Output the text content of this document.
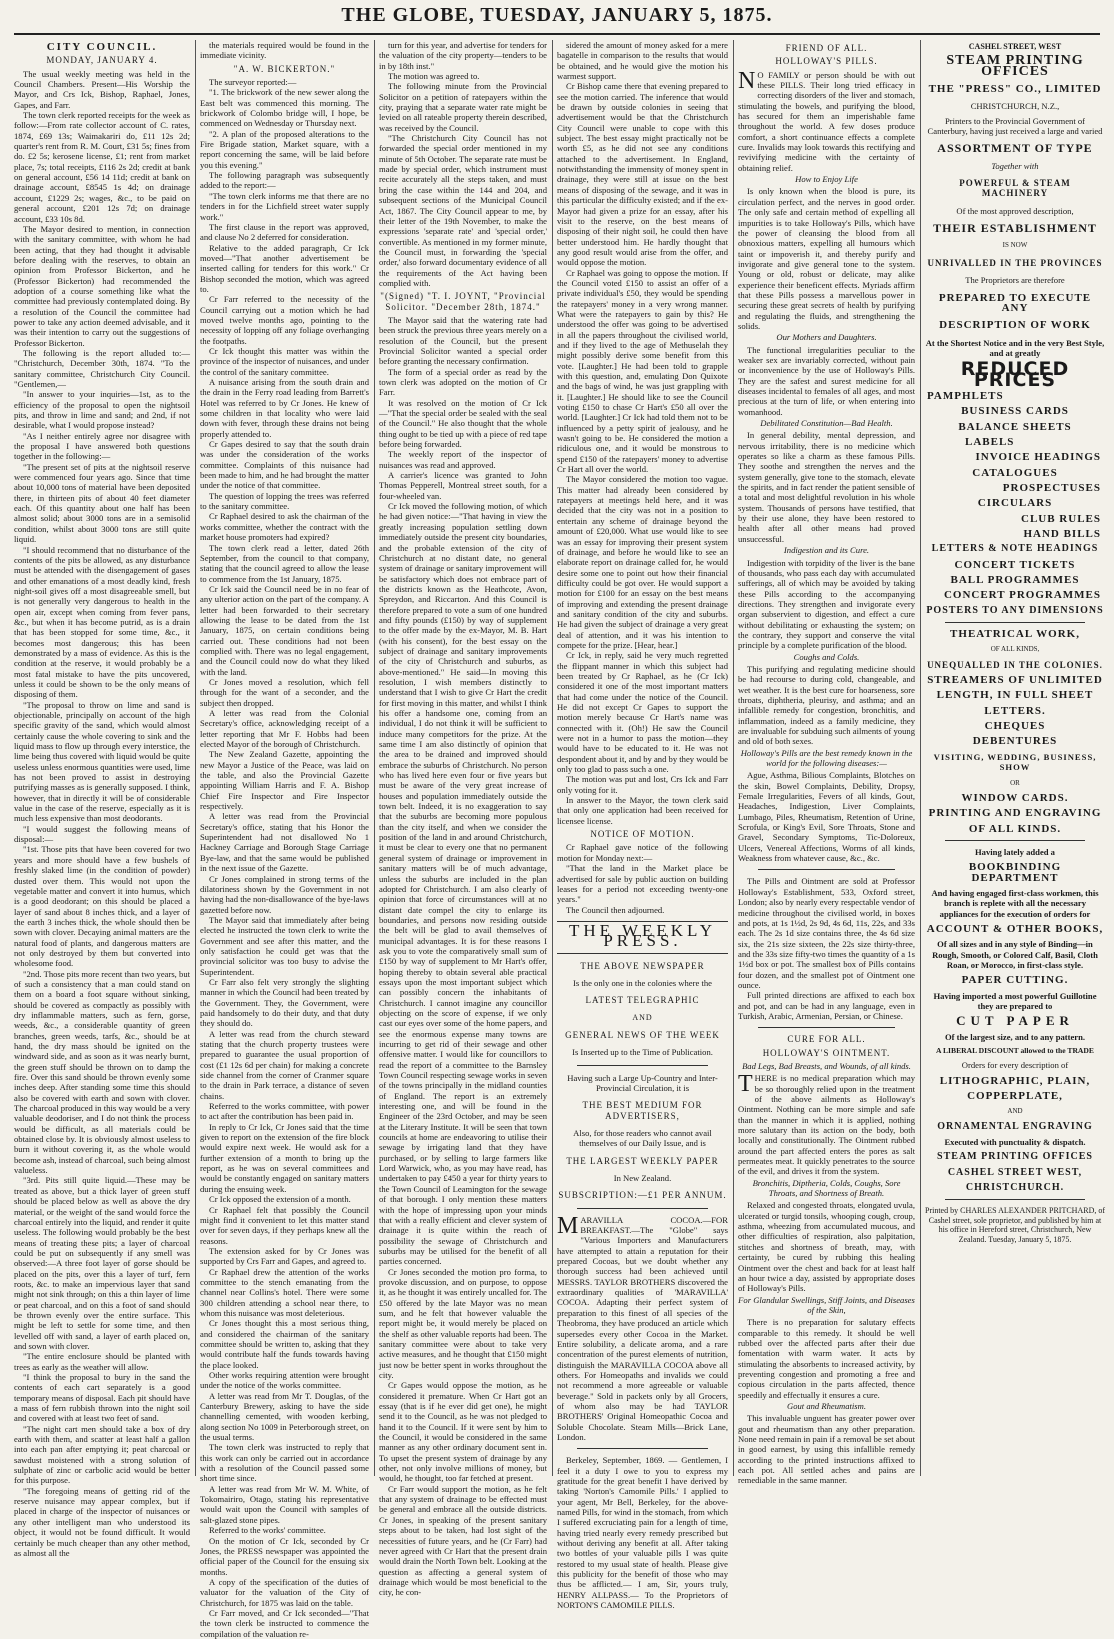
THE GLOBE, TUESDAY, JANUARY 5, 1875.
CITY COUNCIL.
MONDAY, JANUARY 4.

The usual weekly meeting was held in the Council Chambers. Present—His Worship the Mayor, and Crs Ick, Bishop, Raphael, Jones, Gapes, and Farr.

The town clerk reported receipts for the week as follow:—From rate collector account of C. rates, 1874, £69 13s; Waimakariri do, £11 12s 2d; quarter's rent from R. M. Court, £31 5s; fines from do. £2 5s; kerosene license, £1; rent from market place, 7s; total receipts, £116 2s 2d; credit at bank on general account, £56 14 11d; credit at bank on drainage account, £8545 1s 4d; on drainage account, £1229 2s; wages, &c., to be paid on general account, £201 12s 7d; on drainage account, £33 10s 8d.

The Mayor desired to mention, in connection with the sanitary committee, with whom he had been acting, that they had thought it advisable before dealing with the reserves, to obtain an opinion from Professor Bickerton, and he (Professor Bickerton) had recommended the adoption of a course something like what the committee had previously contemplated doing. By a resolution of the Council the committee had power to take any action deemed advisable, and it was their intention to carry out the suggestions of Professor Bickerton.

The following is the report alluded to:— "Christchurch, December 30th, 1874. "To the sanitary committee, Christchurch City Council. "Gentlemen,—

"In answer to your inquiries—1st, as to the efficiency of the proposal to open the nightsoil pits, and throw in lime and sand; and 2nd, if not desirable, what I would propose instead?

"As I neither entirely agree nor disagree with the proposal I have answered both questions together in the following:—

"The present set of pits at the nightsoil reserve were commenced four years ago. Since that time about 10,000 tons of material have been deposited there, in thirteen pits of about 40 feet diameter each. Of this quantity about one half has been almost solid; about 3000 tons are in a semisolid condition, whilst about 3000 tons are still quite liquid.

"I should recommend that no disturbance of the contents of the pits be allowed, as any disturbance must be attended with the disengagement of gases and other emanations of a most deadly kind, fresh night-soil gives off a most disagreeable smell, but is not generally very dangerous to health in the open air, except when coming from fever pans, &c., but when it has become putrid, as is a drain that has been stopped for some time, &c., it becomes most dangerous; this has been demonstrated by a mass of evidence. As this is the condition at the reserve, it would probably be a most fatal mistake to have the pits uncovered, unless it could be shown to be the only means of disposing of them.

"The proposal to throw on lime and sand is objectionable, principally on account of the high specific gravity of the sand, which would almost certainly cause the whole covering to sink and the liquid mass to flow up through every interstice, the lime being thus covered with liquid would be quite useless unless enormous quantities were used, lime has not been proved to assist in destroying putrifying masses as is generally supposed. I think, however, that in directly it will be of considerable value in the case of the reserve, especially as it is much less expensive than most deodorants.

"I would suggest the following means of disposal:—

"1st. Those pits that have been covered for two years and more should have a few bushels of freshly slaked lime (in the condition of powder) dusted over them. This would not upon the vegetable matter and convert it into humus, which is a good deodorant; on this should be placed a layer of sand about 8 inches thick, and a layer of the earth 3 inches thick, the whole should then be sown with clover. Decaying animal matters are the natural food of plants, and dangerous matters are not only destroyed by them but converted into wholesome food.

"2nd. Those pits more recent than two years, but of such a consistency that a man could stand on them on a board a foot square without sinking, should be covered as compactly as possibly with dry inflammable matters, such as fern, gorse, weeds, &c., a considerable quantity of green branches, green weeds, tarfs, &c., should be at hand, the dry mass should be ignited on the windward side, and as soon as it was nearly burnt, the green stuff should be thrown on to damp the fire. Over this sand should be thrown evenly some inches deep. After standing some time this should also be covered with earth and sown with clover. The charcoal produced in this way would be a very valuable deodoriser, and I do not think the process would be difficult, as all materials could be obtained close by. It is obviously almost useless to burn it without covering it, as the whole would become ash, instead of charcoal, such being almost valueless.

"3rd. Pits still quite liquid.—These may be treated as above, but a thick layer of green stuff should be placed below as well as above the dry material, or the weight of the sand would force the charcoal entirely into the liquid, and render it quite useless. The following would probably be the best means of treating these pits; a layer of charcoal could be put on subsequently if any smell was observed:—A three foot layer of gorse should be placed on the pits, over this a layer of turf, fern roots, &c. to make an impervious layer that sand might not sink through; on this a thin layer of lime or peat charcoal, and on this a foot of sand should be thrown evenly over the entire surface. This might be left to settle for some time, and then levelled off with sand, a layer of earth placed on, and sown with clover.

"The entire enclosure should be planted with trees as early as the weather will allow.

"I think the proposal to bury in the sand the contents of each cart separately is a good temporary means of disposal. Each pit should have a mass of fern rubbish thrown into the night soil and covered with at least two feet of sand.

"The night cart men should take a box of dry earth with them, and scatter at least half a gallon into each pan after emptying it; peat charcoal or sawdust moistened with a strong solution of sulphate of zinc or carbolic acid would be better for this purpose.

"The foregoing means of getting rid of the reserve nuisance may appear complex, but if placed in charge of the inspector of nuisances or any other intelligent man who understood its object, it would not be found difficult. It would certainly be much cheaper than any other method, as almost all the

the materials required would be found in the immediate vicinity.

"A. W. BICKERTON."

The surveyor reported:—

"1. The brickwork of the new sewer along the East belt was commenced this morning. The brickwork of Colombo bridge will, I hope, be commenced on Wednesday or Thursday next.

"2. A plan of the proposed alterations to the Fire Brigade station, Market square, with a report concerning the same, will be laid before you this evening."

The following paragraph was subsequently added to the report:—

"The town clerk informs me that there are no tenders in for the Lichfield street water supply work."

The first clause in the report was approved, and clause No 2 deferred for consideration.

Relative to the added paragraph, Cr Ick moved—"That another advertisement be inserted calling for tenders for this work." Cr Bishop seconded the motion, which was agreed to.

Cr Farr referred to the necessity of the Council carrying out a motion which he had moved twelve months ago, pointing to the necessity of lopping off any foliage overhanging the footpaths.

Cr Ick thought this matter was within the province of the inspector of nuisances, and under the control of the sanitary committee.

A nuisance arising from the south drain and the drain in the Ferry road leading from Barrett's Hotel was referred to by Cr Jones. He knew of some children in that locality who were laid down with fever, through these drains not being properly attended to.

Cr Gapes desired to say that the south drain was under the consideration of the works committee. Complaints of this nuisance had been made to him, and he had brought the matter under the notice of that committee.

The question of lopping the trees was referred to the sanitary committee.

Cr Raphael desired to ask the chairman of the works committee, whether the contract with the market house promoters had expired?

The town clerk read a letter, dated 26th September, from the council to that company, stating that the council agreed to allow the lease to commence from the 1st January, 1875.

Cr Ick said the Council need be in no fear of any ulterior action on the part of the company. A letter had been forwarded to their secretary allowing the lease to be dated from the 1st January, 1875, on certain conditions being carried out. These conditions had not been complied with. There was no legal engagement, and the Council could now do what they liked with the land.

Cr Jones moved a resolution, which fell through for the want of a seconder, and the subject then dropped.

A letter was read from the Colonial Secretary's office, acknowledging receipt of a letter reporting that Mr F. Hobbs had been elected Mayor of the borough of Christchurch.

The New Zealand Gazette, appointing the new Mayor a Justice of the Peace, was laid on the table, and also the Provincial Gazette appointing William Harris and F. A. Bishop Chief Fire Inspector and Fire Inspector respectively.

A letter was read from the Provincial Secretary's office, stating that his Honor the Superintendent had not disallowed No 1 Hackney Carriage and Borough Stage Carriage Bye-law, and that the same would be published in the next issue of the Gazette.

Cr Jones complained in strong terms of the dilatoriness shown by the Government in not having had the non-disallowance of the bye-laws gazetted before now.

The Mayor said that immediately after being elected he instructed the town clerk to write the Government and see after this matter, and the only satisfaction he could get was that the provincial solicitor was too busy to advise the Superintendent.

Cr Farr also felt very strongly the slighting manner in which the Council had been treated by the Government. They, the Government, were paid handsomely to do their duty, and that duty they should do.

A letter was read from the church steward stating that the church property trustees were prepared to guarantee the usual proportion of cost (£1 12s 6d per chain) for making a concrete side channel from the corner of Cranmer square to the drain in Park terrace, a distance of seven chains.

Referred to the works committee, with power to act after the contribution has been paid in.

In reply to Cr Ick, Cr Jones said that the time given to report on the extension of the fire block would expire next week. He would ask for a further extension of a month to bring up the report, as he was on several committees and would be constantly engaged on sanitary matters during the ensuing week.

Cr Ick opposed the extension of a month.

Cr Raphael felt that possibly the Council might find it convenient to let this matter stand over for seven days, if they perhaps knew all the reasons.

The extension asked for by Cr Jones was supported by Crs Farr and Gapes, and agreed to.

Cr Raphael drew the attention of the works committee to the stench emanating from the channel near Collins's hotel. There were some 300 children attending a school near there, to whom this nuisance was most deleterious.

Cr Jones thought this a most serious thing, and considered the chairman of the sanitary committee should be written to, asking that they would contribute half the funds towards having the place looked.

Other works requiring attention were brought under the notice of the works committee.

A letter was read from Mr T. Douglas, of the Canterbury Brewery, asking to have the side channelling cemented, with wooden kerbing, along section No 1009 in Peterborough street, on the usual terms.

The town clerk was instructed to reply that this work can only be carried out in accordance with a resolution of the Council passed some short time since.

A letter was read from Mr W. M. White, of Tokomairiro, Otago, stating his representative would wait upon the Council with samples of salt-glazed stone pipes.

Referred to the works' committee.

On the motion of Cr Ick, seconded by Cr Jones, the PRESS newspaper was appointed the official paper of the Council for the ensuing six months.

A copy of the specification of the duties of valuator for the valuation of the City of Christchurch, for 1875 was laid on the table.

Cr Farr moved, and Cr Ick seconded—"That the town clerk be instructed to commence the compilation of the valuation re-

turn for this year, and advertise for tenders for the valuation of the city property—tenders to be in by 18th inst."

The motion was agreed to.

The following minute from the Provincial Solicitor on a petition of ratepayers within the city, praying that a separate water rate might be levied on all rateable property therein described, was received by the Council.

"The Christchurch City Council has not forwarded the special order mentioned in my minute of 5th October. The separate rate must be made by special order, which instrument must recite accurately all the steps taken, and must bring the case within the 144 and 204, and subsequent sections of the Municipal Council Act, 1867. The City Council appear to me, by their letter of the 19th November, to make the expressions 'separate rate' and 'special order,' convertible. As mentioned in my former minute, the Council must, in forwarding the 'special order,' also forward documentary evidence of all the requirements of the Act having been complied with.

"(Signed) "T. I. JOYNT, "Provincial Solicitor. "December 28th, 1874."

The Mayor said that the watering rate had been struck the previous three years merely on a resolution of the Council, but the present Provincial Solicitor wanted a special order before granting the necessary confirmation.

The form of a special order as read by the town clerk was adopted on the motion of Cr Farr.

It was resolved on the motion of Cr Ick—"That the special order be sealed with the seal of the Council." He also thought that the whole thing ought to be tied up with a piece of red tape before being forwarded.

The weekly report of the inspector of nuisances was read and approved.

A carrier's licence was granted to John Thomas Pepperell, Montreal street south, for a four-wheeled van.

Cr Ick moved the following motion, of which he had given notice:—"That having in view the greatly increasing population settling down immediately outside the present city boundaries, and the probable extension of the city of Christchurch at no distant date, no general system of drainage or sanitary improvement will be satisfactory which does not embrace part of the districts known as the Heathcote, Avon, Spreydon, and Riccarton. And this Council is therefore prepared to vote a sum of one hundred and fifty pounds (£150) by way of supplement to the offer made by the ex-Mayor, M. B. Hart (with his consent), for the best essay on the subject of drainage and sanitary improvements of the city of Christchurch and suburbs, as above-mentioned." He said—In moving this resolution, I wish members distinctly to understand that I wish to give Cr Hart the credit for first moving in this matter, and whilst I think his offer a handsome one, coming from an individual, I do not think it will be sufficient to induce many competitors for the prize. At the same time I am also distinctly of opinion that the area to be drained and improved should embrace the suburbs of Christchurch. No person who has lived here even four or five years but must be aware of the very great increase of houses and population immediately outside the town belt. Indeed, it is no exaggeration to say that the suburbs are becoming more populous than the city itself, and when we consider the position of the land in and around Christchurch, it must be clear to every one that no permanent general system of drainage or improvement in sanitary matters will be of much advantage, unless the suburbs are included in the plan adopted for Christchurch. I am also clearly of opinion that force of circumstances will at no distant date compel the city to enlarge its boundaries, and persons now residing outside the belt will be glad to avail themselves of municipal advantages. It is for these reasons I ask you to vote the comparatively small sum of £150 by way of supplement to Mr Hart's offer, hoping thereby to obtain several able practical essays upon the most important subject which can possibly concern the inhabitants of Christchurch. I cannot imagine any councillor objecting on the score of expense, if we only cast our eyes over some of the home papers, and see the enormous expense many towns are incurring to get rid of their sewage and other offensive matter. I would like for councillors to read the report of a committee to the Barnsley Town Council respecting sewage works in seven of the towns principally in the midland counties of England. The report is an extremely interesting one, and will be found in the Engineer of the 23rd October, and may be seen at the Literary Institute. It will be seen that town councils at home are endeavoring to utilise their sewage by irrigating land that they have purchased, or by selling to large farmers like Lord Warwick, who, as you may have read, has undertaken to pay £450 a year for thirty years to the Town Council of Leamington for the sewage of that borough. I only mention these matters with the hope of impressing upon your minds that with a really efficient and clever system of drainage it is quite within the reach of possibility the sewage of Christchurch and suburbs may be utilised for the benefit of all parties concerned.

Cr Jones seconded the motion pro forma, to provoke discussion, and on purpose, to oppose it, as he thought it was entirely uncalled for. The £50 offered by the late Mayor was no mean sum, and he felt that however valuable the report might be, it would merely be placed on the shelf as other valuable reports had been. The sanitary committee were about to take very active measures, and he thought that £150 might just now be better spent in works throughout the city.

Cr Gapes would oppose the motion, as he considered it premature. When Cr Hart got an essay (that is if he ever did get one), he might send it to the Council, as he was not pledged to hand it to the Council. If it were sent by him to the Council, it would be considered in the same manner as any other ordinary document sent in. To upset the present system of drainage by any other, not only involve millions of money, but would, he thought, too far fetched at present.

Cr Farr would support the motion, as he felt that any system of drainage to be effected must be general and embrace all the outside districts. Cr Jones, in speaking of the present sanitary steps about to be taken, had lost sight of the necessities of future years, and he (Cr Farr) had never agreed with Cr Hart that the present drain would drain the North Town belt. Looking at the question as affecting a general system of drainage which would be most beneficial to the city, he con-

sidered the amount of money asked for a mere bagatelle in comparison to the results that would be obtained, and he would give the motion his warmest support.

Cr Bishop came there that evening prepared to see the motion carried. The inference that would be drawn by outside colonies in seeing that advertisement would be that the Christchurch City Council were unable to cope with this subject. The best essay might practically not be worth £5, as he did not see any conditions attached to the advertisement. In England, notwithstanding the immensity of money spent in drainage, they were still at issue on the best means of disposing of the sewage, and it was in this particular the difficulty existed; and if the ex-Mayor had given a prize for an essay, after his visit to the reserve, on the best means of disposing of their night soil, he could then have better understood him. He hardly thought that any good result would arise from the offer, and would oppose the motion.

Cr Raphael was going to oppose the motion. If the Council voted £150 to assist an offer of a private individual's £50, they would be spending the ratepayers' money in a very wrong manner. What were the ratepayers to gain by this? He understood the offer was going to be advertised in all the papers throughout the civilised world, and if they lived to the age of Methuselah they might possibly derive some benefit from this vote. [Laughter.] He had been told to grapple with this question, and, emulating Don Quixote and the bags of wind, he was just grappling with it. [Laughter.] He should like to see the Council voting £150 to chase Cr Hart's £50 all over the world. [Laughter.] Cr Ick had told them not to be influenced by a petty spirit of jealousy, and he wasn't going to be. He considered the motion a ridiculous one, and it would be monstrous to spend £150 of the ratepayers' money to advertise Cr Hart all over the world.

The Mayor considered the motion too vague. This matter had already been considered by ratepayers at meetings held here, and it was decided that the city was not in a position to entertain any scheme of drainage beyond the amount of £20,000. What use would like to see was an essay for improving their present system of drainage, and before he would like to see an elaborate report on drainage called for, he would desire some one to point out how their financial difficulty could be got over. He would support a motion for £100 for an essay on the best means of improving and extending the present drainage and sanitary condition of the city and suburbs. He had given the subject of drainage a very great deal of attention, and it was his intention to compete for the prize. [Hear, hear.]

Cr Ick, in reply, said he very much regretted the flippant manner in which this subject had been treated by Cr Raphael, as he (Cr Ick) considered it one of the most important matters that had come under the notice of the Council. He did not except Cr Gapes to support the motion merely because Cr Hart's name was connected with it. (Oh!) He saw the Council were not in a humor to pass the motion—they would have to be educated to it. He was not despondent about it, and by and by they would be only too glad to pass such a one.

The motion was put and lost, Crs Ick and Farr only voting for it.

In answer to the Mayor, the town clerk said that only one application had been received for licensee license.

NOTICE OF MOTION.

Cr Raphael gave notice of the following motion for Monday next:—

"That the land in the Market place be advertised for sale by public auction on building leases for a period not exceeding twenty-one years."

The Council then adjourned.

THE WEEKLY PRESS.
THE ABOVE NEWSPAPER
Is the only one in the colonies where the
LATEST TELEGRAPHIC
AND
GENERAL NEWS OF THE WEEK
Is Inserted up to the Time of Publication.
Having such a Large Up-Country and Inter-Provincial Circulation, it is
THE BEST MEDIUM FOR ADVERTISERS,
Also, for those readers who cannot avail themselves of our Daily Issue, and is
THE LARGEST WEEKLY PAPER
In New Zealand.
SUBSCRIPTION:—£1 PER ANNUM.

MARAVILLA COCOA.—FOR BREAKFAST.—The "Globe" says "Various Importers and Manufacturers have attempted to attain a reputation for their prepared Cocoas, but we doubt whether any thorough success had been achieved until MESSRS. TAYLOR BROTHERS discovered the extraordinary qualities of 'MARAVILLA' COCOA. Adapting their perfect system of preparation to this finest of all species of the Theobroma, they have produced an article which supersedes every other Cocoa in the Market. Entire solubility, a delicate aroma, and a rare concentration of the purest elements of nutrition, distinguish the MARAVILLA COCOA above all others. For Homeopaths and invalids we could not recommend a more agreeable or valuable beverage." Sold in packets only by all Grocers, of whom also may be had TAYLOR BROTHERS' Original Homeopathic Cocoa and Soluble Chocolate. Steam Mills—Brick Lane, London.

Berkeley, September, 1869. — Gentlemen, I feel it a duty I owe to you to express my gratitude for the great benefit I have derived by taking 'Norton's Camomile Pills.' I applied to your agent, Mr Bell, Berkeley, for the above-named Pills, for wind in the stomach, from which I suffered excruciating pain for a length of time, having tried nearly every remedy prescribed but without deriving any benefit at all. After taking two bottles of your valuable pills I was quite restored to my usual state of health. Please give this publicity for the benefit of those who may thus be afflicted.— I am, Sir, yours truly, HENRY ALLPASS.— To the Proprietors of NORTON'S CAMOMILE PILLS.

FRIEND OF ALL.
HOLLOWAY'S PILLS.

NO FAMILY or person should be with out these PILLS. Their long tried efficacy in correcting disorders of the liver and stomach, stimulating the bowels, and purifying the blood, has secured for them an imperishable fame throughout the world. A few doses produce comfort, a short continuance effects a complete cure. Invalids may look towards this rectifying and revivifying medicine with the certainty of obtaining relief.

How to Enjoy Life

Is only known when the blood is pure, its circulation perfect, and the nerves in good order. The only safe and certain method of expelling all impurities is to take Holloway's Pills, which have the power of cleansing the blood from all obnoxious matters, expelling all humours which taint or impoverish it, and thereby purify and invigorate and give general tone to the system. Young or old, robust or delicate, may alike experience their beneficent effects. Myriads affirm that these Pills possess a marvellous power in securing these great secrets of health by purifying and regulating the fluids, and strengthening the solids.

Our Mothers and Daughters.

The functional irregularities peculiar to the weaker sex are invariably corrected, without pain or inconvenience by the use of Holloway's Pills. They are the safest and surest medicine for all diseases incidental to females of all ages, and most precious at the turn of life, or when entering into womanhood.

Debilitated Constitution—Bad Health.

In general debility, mental depression, and nervous irritability, there is no medicine which operates so like a charm as these famous Pills. They soothe and strengthen the nerves and the system generally, give tone to the stomach, elevate the spirits, and in fact render the patient sensible of a total and most delightful revolution in his whole system. Thousands of persons have testified, that by their use alone, they have been restored to health after all other means had proved unsuccessful.

Indigestion and its Cure.

Indigestion with torpidity of the liver is the bane of thousands, who pass each day with accumulated sufferings, all of which may be avoided by taking these Pills according to the accompanying directions. They strengthen and invigorate every organ subservient to digestion, and effect a cure without debilitating or exhausting the system; on the contrary, they support and conserve the vital principle by a complete purification of the blood.

Coughs and Colds.

This purifying and regulating medicine should be had recourse to during cold, changeable, and wet weather. It is the best cure for hoarseness, sore throats, diphtheria, pleurisy, and asthma; and an infallible remedy for congestion, bronchitis, and inflammation, indeed as a family medicine, they are invaluable for subduing such ailments of young and old of both sexes.

Holloway's Pills are the best remedy known in the world for the following diseases:—

Ague, Asthma, Bilious Complaints, Blotches on the skin, Bowel Complaints, Debility, Dropsy, Female Irregularities, Fevers of all kinds, Gout, Headaches, Indigestion, Liver Complaints, Lumbago, Piles, Rheumatism, Retention of Urine, Scrofula, or King's Evil, Sore Throats, Stone and Gravel, Secondary Symptoms, Tic-Doloreux, Ulcers, Venereal Affections, Worms of all kinds, Weakness from whatever cause, &c., &c.

The Pills and Ointment are sold at Professor Holloway's Establishment, 533, Oxford street, London; also by nearly every respectable vendor of medicine throughout the civilised world, in boxes and pots, at 1s 1½d, 2s 9d, 4s 6d, 11s, 22s, and 33s each. The 2s 1d size contains three, the 4s 6d size six, the 21s size sixteen, the 22s size thirty-three, and the 33s size fifty-two times the quantity of a 1s 1½d box or pot. The smallest box of Pills contains four dozen, and the smallest pot of Ointment one ounce.

Full printed directions are affixed to each box and pot, and can be had in any language, even in Turkish, Arabic, Armenian, Persian, or Chinese.

CURE FOR ALL.
HOLLOWAY'S OINTMENT.
Bad Legs, Bad Breasts, and Wounds, of all kinds.

THERE is no medical preparation which may be so thoroughly relied upon in the treatment of the above ailments as Holloway's Ointment. Nothing can be more simple and safe than the manner in which it is applied, nothing more salutary than its action on the body, both locally and constitutionally. The Ointment rubbed around the part affected enters the pores as salt permeates meat. It quickly penetrates to the source of the evil, and drives it from the system.

Bronchitis, Diptheria, Colds, Coughs, Sore Throats, and Shortness of Breath.

Relaxed and congested throats, elongated uvula, ulcerated or turgid tonsils, whooping cough, croup, asthma, wheezing from accumulated mucous, and other difficulties of respiration, also palpitation, stitches and shortness of breath, may, with certainty, be cured by rubbing this healing Ointment over the chest and back for at least half an hour twice a day, assisted by appropriate doses of Holloway's Pills.

For Glandular Swellings, Stiff Joints, and Diseases of the Skin,

There is no preparation for salutary effects comparable to this remedy. It should be well rubbed over the affected parts after their due fomentation with warm water. It acts by stimulating the absorbents to increased activity, by preventing congestion and promoting a free and copious circulation in the parts affected, thence speedily and effectually it ensures a cure.

Gout and Rheumatism.

This invaluable unguent has greater power over gout and rheumatism than any other preparation. None need remain in pain if a removal be set about in good earnest, by using this infallible remedy according to the printed instructions affixed to each pot. All settled aches and pains are remediable in the same manner.

CASHEL STREET, WEST
STEAM PRINTING OFFICES
THE "PRESS" CO., LIMITED
CHRISTCHURCH, N.Z.,
Printers to the Provincial Government of Canterbury, having just received a large and varied
ASSORTMENT OF TYPE
Together with
POWERFUL & STEAM MACHINERY
Of the most approved description,
THEIR ESTABLISHMENT
IS NOW
UNRIVALLED IN THE PROVINCES
The Proprietors are therefore
PREPARED TO EXECUTE ANY
DESCRIPTION OF WORK
At the Shortest Notice and in the very Best Style, and at greatly
REDUCED PRICES
PAMPHLETS
BUSINESS CARDS
BALANCE SHEETS
LABELS
INVOICE HEADINGS
CATALOGUES
PROSPECTUSES
CIRCULARS
CLUB RULES
HAND BILLS
LETTERS & NOTE HEADINGS
CONCERT TICKETS
BALL PROGRAMMES
CONCERT PROGRAMMES
POSTERS TO ANY DIMENSIONS
THEATRICAL WORK,
OF ALL KINDS,
UNEQUALLED IN THE COLONIES.
STREAMERS OF UNLIMITED
LENGTH, IN FULL SHEET
LETTERS.
CHEQUES
DEBENTURES
VISITING, WEDDING, BUSINESS, SHOW
OR
WINDOW CARDS.
PRINTING AND ENGRAVING
OF ALL KINDS.
Having lately added a
BOOKBINDING DEPARTMENT
And having engaged first-class workmen, this branch is replete with all the necessary appliances for the execution of orders for
ACCOUNT & OTHER BOOKS,
Of all sizes and in any style of Binding—in Rough, Smooth, or Colored Calf, Basil, Cloth Roan, or Morocco, in first-class style.
PAPER CUTTING.
Having imported a most powerful Guillotine they are prepared to
CUT PAPER
Of the largest size, and to any pattern.
A LIBERAL DISCOUNT allowed to the TRADE
Orders for every description of
LITHOGRAPHIC, PLAIN,
COPPERPLATE,
AND
ORNAMENTAL ENGRAVING
Executed with punctuality & dispatch.
STEAM PRINTING OFFICES
CASHEL STREET WEST,
CHRISTCHURCH.
Printed by CHARLES ALEXANDER PRITCHARD, of Cashel street, sole proprietor, and published by him at his office in Hereford street, Christchurch, New Zealand. Tuesday, January 5, 1875.
